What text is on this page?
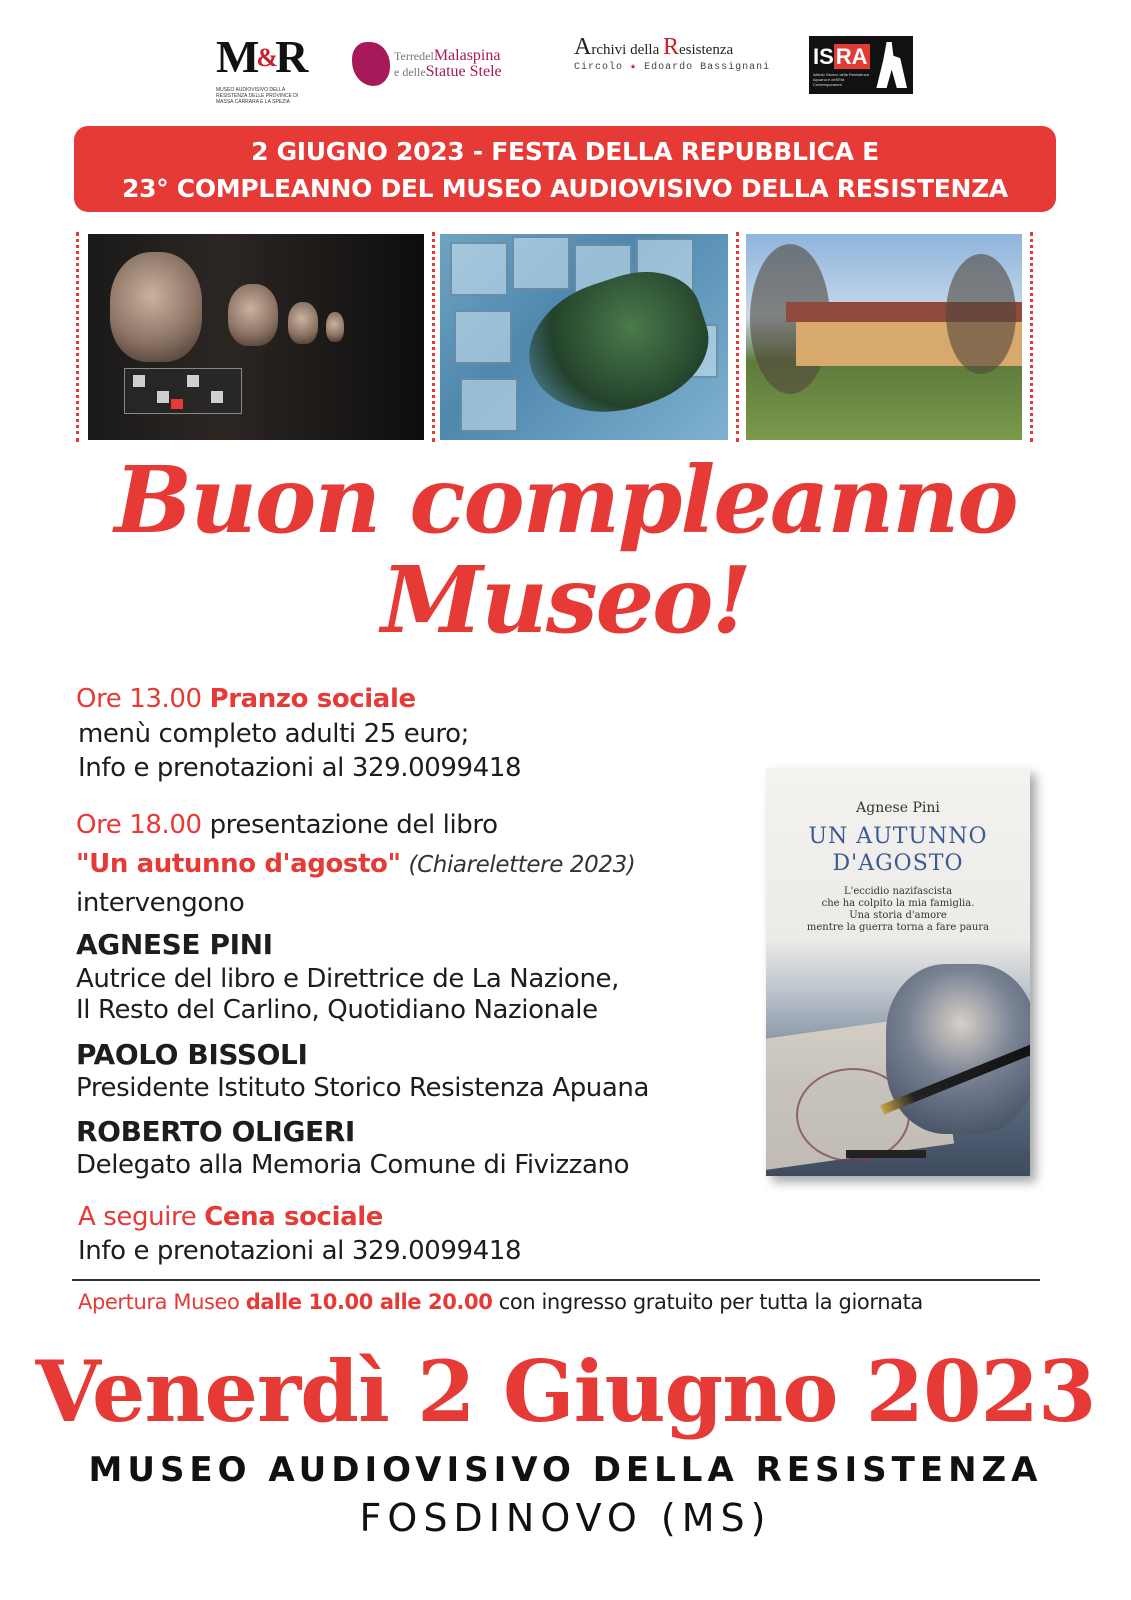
M&R
MUSEO AUDIOVISIVO DELLA RESISTENZA DELLE PROVINCE DI MASSA CARRARA E LA SPEZIA
TerredelMalaspina
e delleStatue Stele
Archivi della Resistenza
Circolo ★ Edoardo Bassignani ISRA
Istituto Storico della Resistenza Apuana e dell'Età Contemporanea
2 GIUGNO 2023 - FESTA DELLA REPUBBLICA E
23° COMPLEANNO DEL MUSEO AUDIOVISIVO DELLA RESISTENZA
Buon compleanno
Museo!
Ore 13.00 Pranzo sociale
menù completo adulti 25 euro;
Info e prenotazioni al 329.0099418
Ore 18.00 presentazione del libro
"Un autunno d'agosto" (Chiarelettere 2023)
intervengono
AGNESE PINI
Autrice del libro e Direttrice de La Nazione,
Il Resto del Carlino, Quotidiano Nazionale
PAOLO BISSOLI
Presidente Istituto Storico Resistenza Apuana
ROBERTO OLIGERI
Delegato alla Memoria Comune di Fivizzano
A seguire Cena sociale
Info e prenotazioni al 329.0099418
Agnese Pini
UN AUTUNNO
D'AGOSTO
L'eccidio nazifascista
che ha colpito la mia famiglia.
Una storia d'amore
mentre la guerra torna a fare paura
Apertura Museo dalle 10.00 alle 20.00 con ingresso gratuito per tutta la giornata
Venerdì 2 Giugno 2023
MUSEO AUDIOVISIVO DELLA RESISTENZA
FOSDINOVO (MS)
